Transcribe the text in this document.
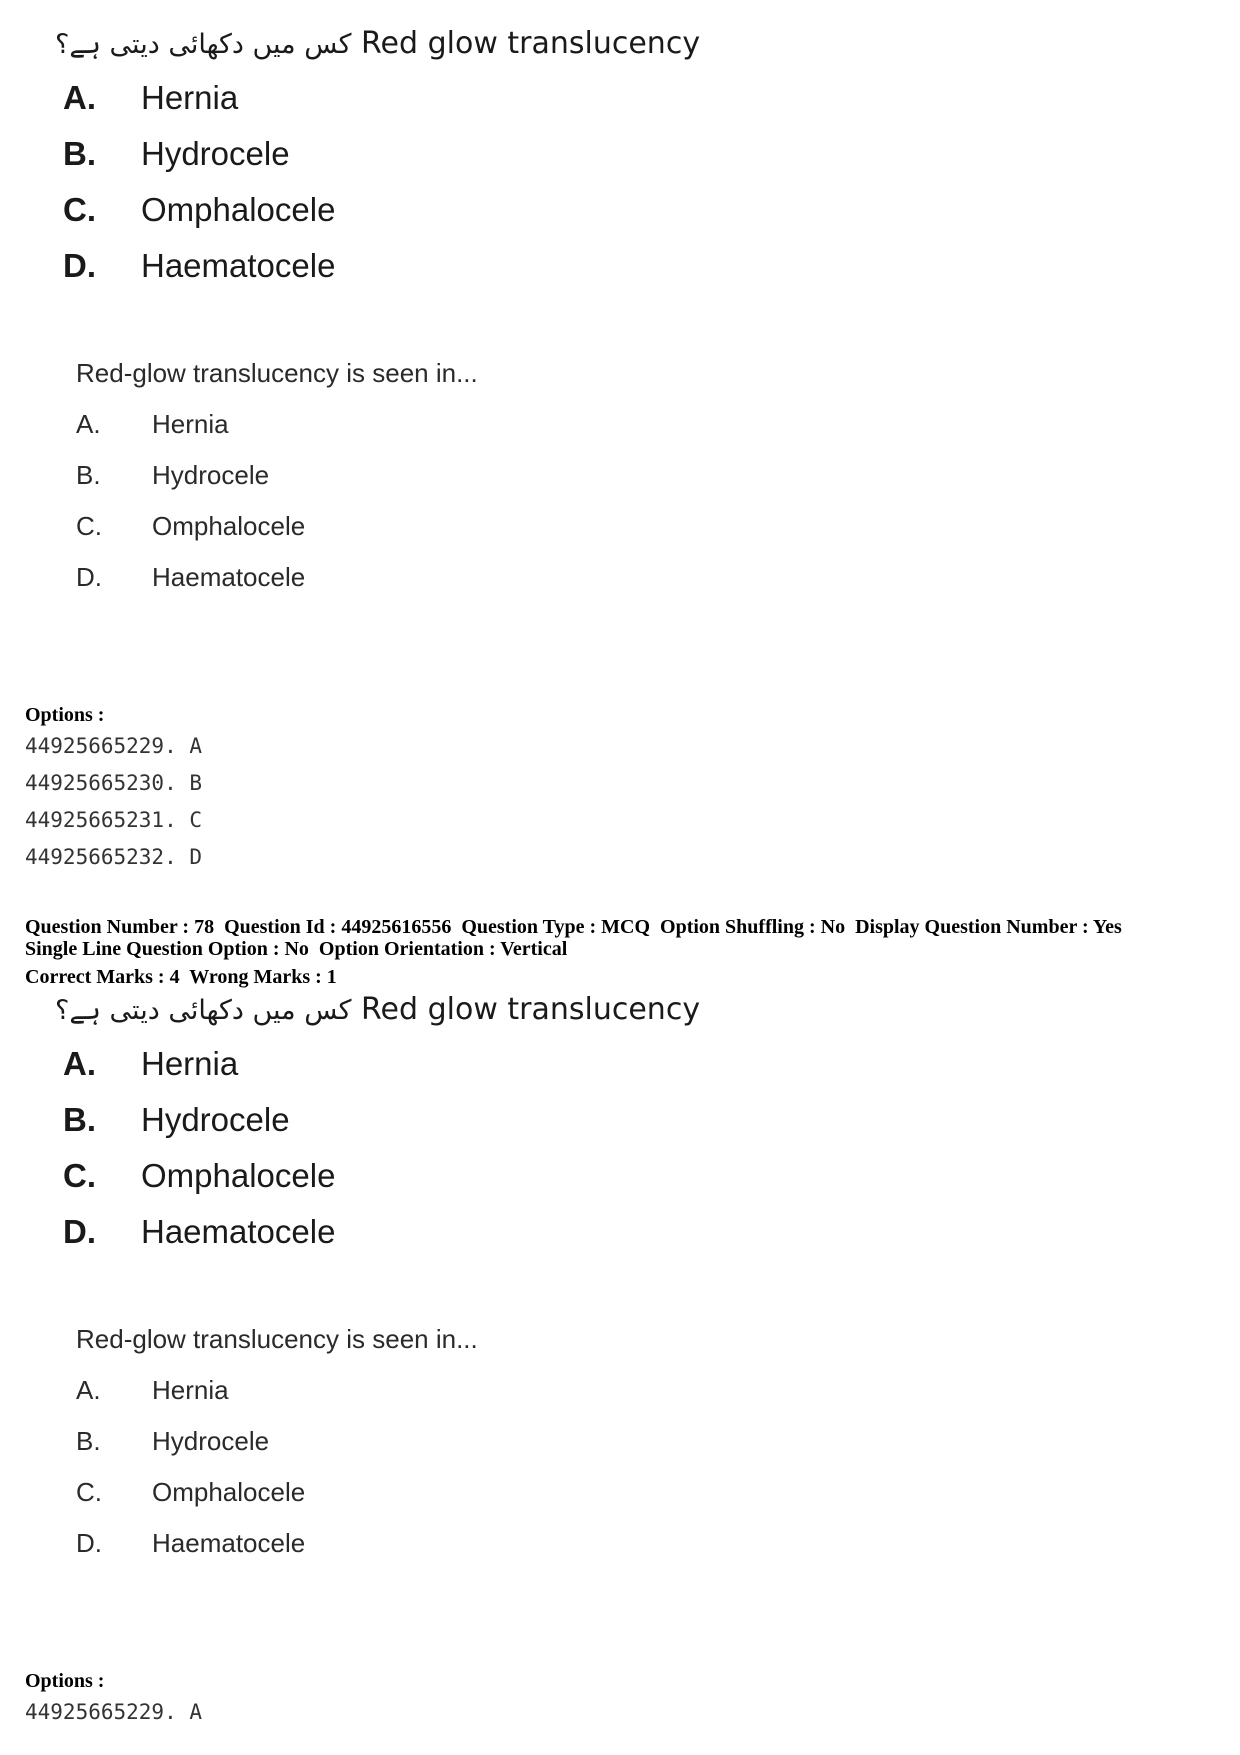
کس میں دکھائی دیتی ہے؟ Red glow translucency
A.	Hernia
B.	Hydrocele
C.	Omphalocele
D.	Haematocele
Red-glow translucency is seen in...
A.	Hernia
B.	Hydrocele
C.	Omphalocele
D.	Haematocele
Options :
44925665229. A
44925665230. B
44925665231. C
44925665232. D
Question Number : 78  Question Id : 44925616556  Question Type : MCQ  Option Shuffling : No  Display Question Number : Yes
Single Line Question Option : No  Option Orientation : Vertical
Correct Marks : 4  Wrong Marks : 1
کس میں دکھائی دیتی ہے؟ Red glow translucency
A.	Hernia
B.	Hydrocele
C.	Omphalocele
D.	Haematocele
Red-glow translucency is seen in...
A.	Hernia
B.	Hydrocele
C.	Omphalocele
D.	Haematocele
Options :
44925665229. A
